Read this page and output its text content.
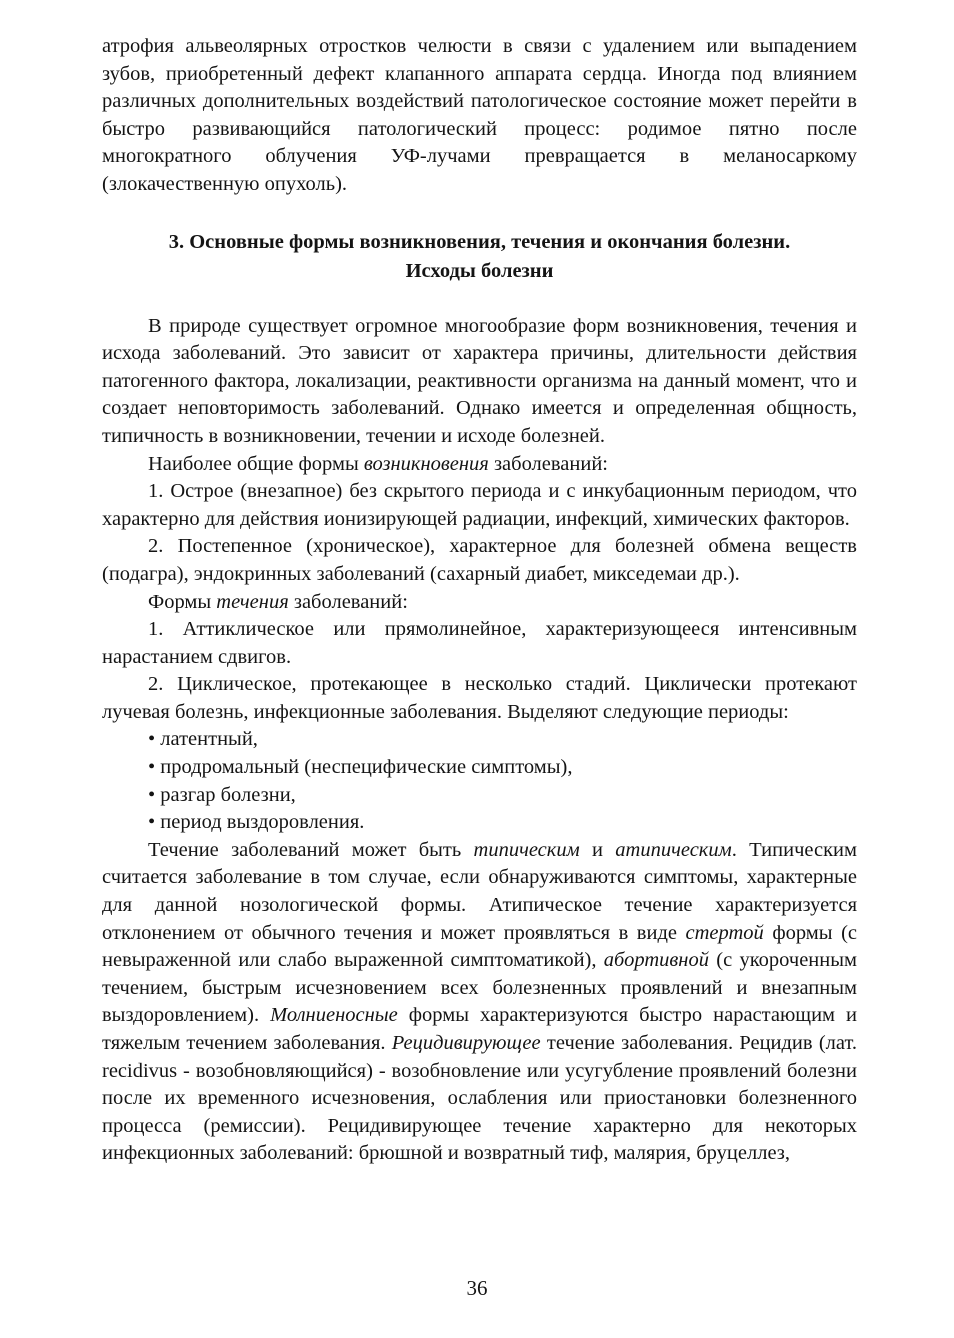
атрофия альвеолярных отростков челюсти в связи с удалением или выпадением зубов, приобретенный дефект клапанного аппарата сердца. Иногда под влиянием различных дополнительных воздействий патологическое состояние может перейти в быстро развивающийся патологический процесс: родимое пятно после многократного облучения УФ-лучами превращается в меланосаркому (злокачественную опухоль).

3. Основные формы возникновения, течения и окончания болезни.
Исходы болезни

В природе существует огромное многообразие форм возникновения, течения и исхода заболеваний. Это зависит от характера причины, длительности действия патогенного фактора, локализации, реактивности организма на данный момент, что и создает неповторимость заболеваний. Однако имеется и определенная общность, типичность в возникновении, течении и исходе болезней.

Наиболее общие формы возникновения заболеваний:

1. Острое (внезапное) без скрытого периода и с инкубационным периодом, что характерно для действия ионизирующей радиации, инфекций, химических факторов.

2. Постепенное (хроническое), характерное для болезней обмена веществ (подагра), эндокринных заболеваний (сахарный диабет, микседемаи др.).

Формы течения заболеваний:

1. Аттиклическое или прямолинейное, характеризующееся интенсивным нарастанием сдвигов.

2. Циклическое, протекающее в несколько стадий. Циклически протекают лучевая болезнь, инфекционные заболевания. Выделяют следующие периоды:

• латентный,

• продромальный (неспецифические симптомы),

• разгар болезни,

• период выздоровления.

Течение заболеваний может быть типическим и атипическим. Типическим считается заболевание в том случае, если обнаруживаются симптомы, характерные для данной нозологической формы. Атипическое течение характеризуется отклонением от обычного течения и может проявляться в виде стертой формы (с невыраженной или слабо выраженной симптоматикой), абортивной (с укороченным течением, быстрым исчезновением всех болезненных проявлений и внезапным выздоровлением). Молниеносные формы характеризуются быстро нарастающим и тяжелым течением заболевания. Рецидивирующее течение заболевания. Рецидив (лат. recidivus - возобновляющийся) - возобновление или усугубление проявлений болезни после их временного исчезновения, ослабления или приостановки болезненного процесса (ремиссии). Рецидивирующее течение характерно для некоторых инфекционных заболеваний: брюшной и возвратный тиф, малярия, бруцеллез,

36
